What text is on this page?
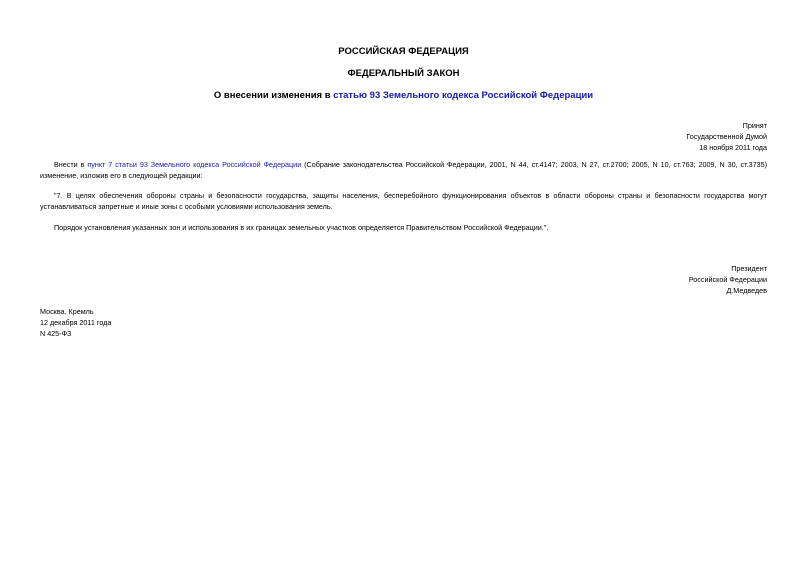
РОССИЙСКАЯ ФЕДЕРАЦИЯ
ФЕДЕРАЛЬНЫЙ ЗАКОН
О внесении изменения в статью 93 Земельного кодекса Российской Федерации
Принят
Государственной Думой
18 ноября 2011 года
Внести в пункт 7 статьи 93 Земельного кодекса Российской Федерации (Собрание законодательства Российской Федерации, 2001, N 44, ст.4147; 2003, N 27, ст.2700; 2005, N 10, ст.763; 2009, N 30, ст.3735) изменение, изложив его в следующей редакции:
"7. В целях обеспечения обороны страны и безопасности государства, защиты населения, бесперебойного функционирования объектов в области обороны страны и безопасности государства могут устанавливаться запретные и иные зоны с особыми условиями использования земель.
Порядок установления указанных зон и использования в их границах земельных участков определяется Правительством Российской Федерации.".
Президент
Российской Федерации
Д.Медведев
Москва, Кремль
12 декабря 2011 года
N 425-ФЗ
